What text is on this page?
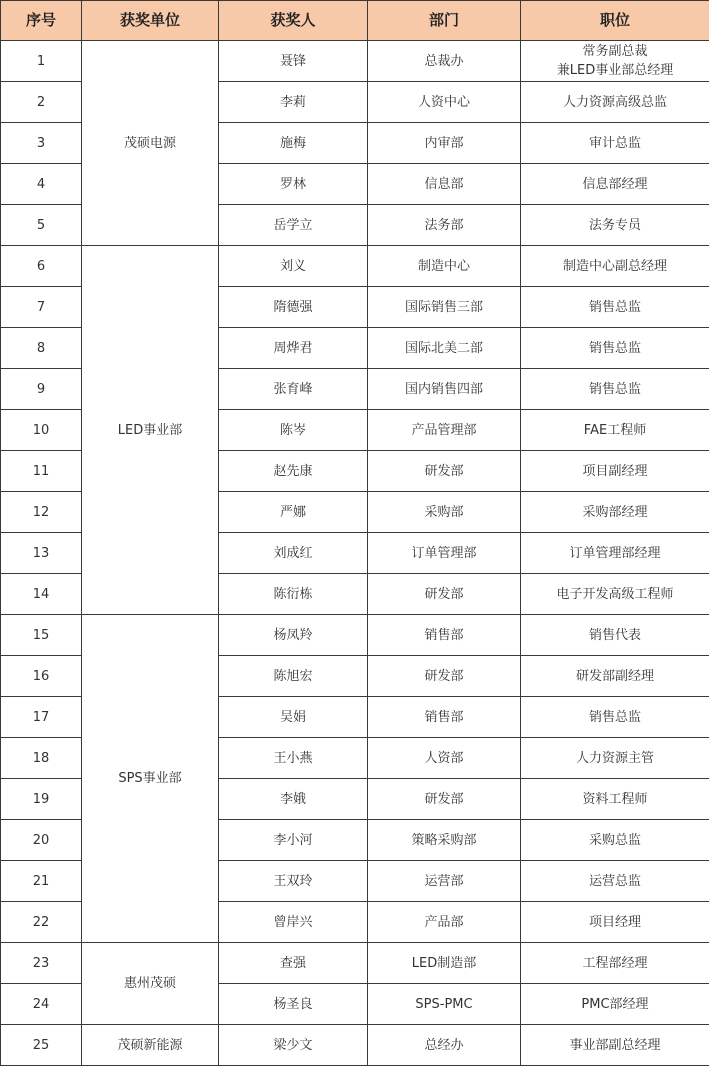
序号	获奖单位	获奖人	部门	职位
1	茂硕电源	聂锋	总裁办	常务副总裁
兼LED事业部总经理

2		李莉	人资中心	人力资源高级总监

3		施梅	内审部	审计总监

4		罗林	信息部	信息部经理

5		岳学立	法务部	法务专员

6	LED事业部	刘义	制造中心	制造中心副总经理

7		隋德强	国际销售三部	销售总监

8		周烨君	国际北美二部	销售总监

9		张育峰	国内销售四部	销售总监

10		陈岑	产品管理部	FAE工程师

11		赵先康	研发部	项目副经理

12		严娜	采购部	采购部经理

13		刘成红	订单管理部	订单管理部经理

14		陈衍栋	研发部	电子开发高级工程师

15	SPS事业部	杨凤羚	销售部	销售代表

16		陈旭宏	研发部	研发部副经理

17		吴娟	销售部	销售总监

18		王小燕	人资部	人力资源主管

19		李娥	研发部	资料工程师

20		李小河	策略采购部	采购总监

21		王双玲	运营部	运营总监

22		曾岸兴	产品部	项目经理

23	惠州茂硕	查强	LED制造部	工程部经理

24		杨圣良	SPS-PMC	PMC部经理

25	茂硕新能源	梁少文	总经办	事业部副总经理
